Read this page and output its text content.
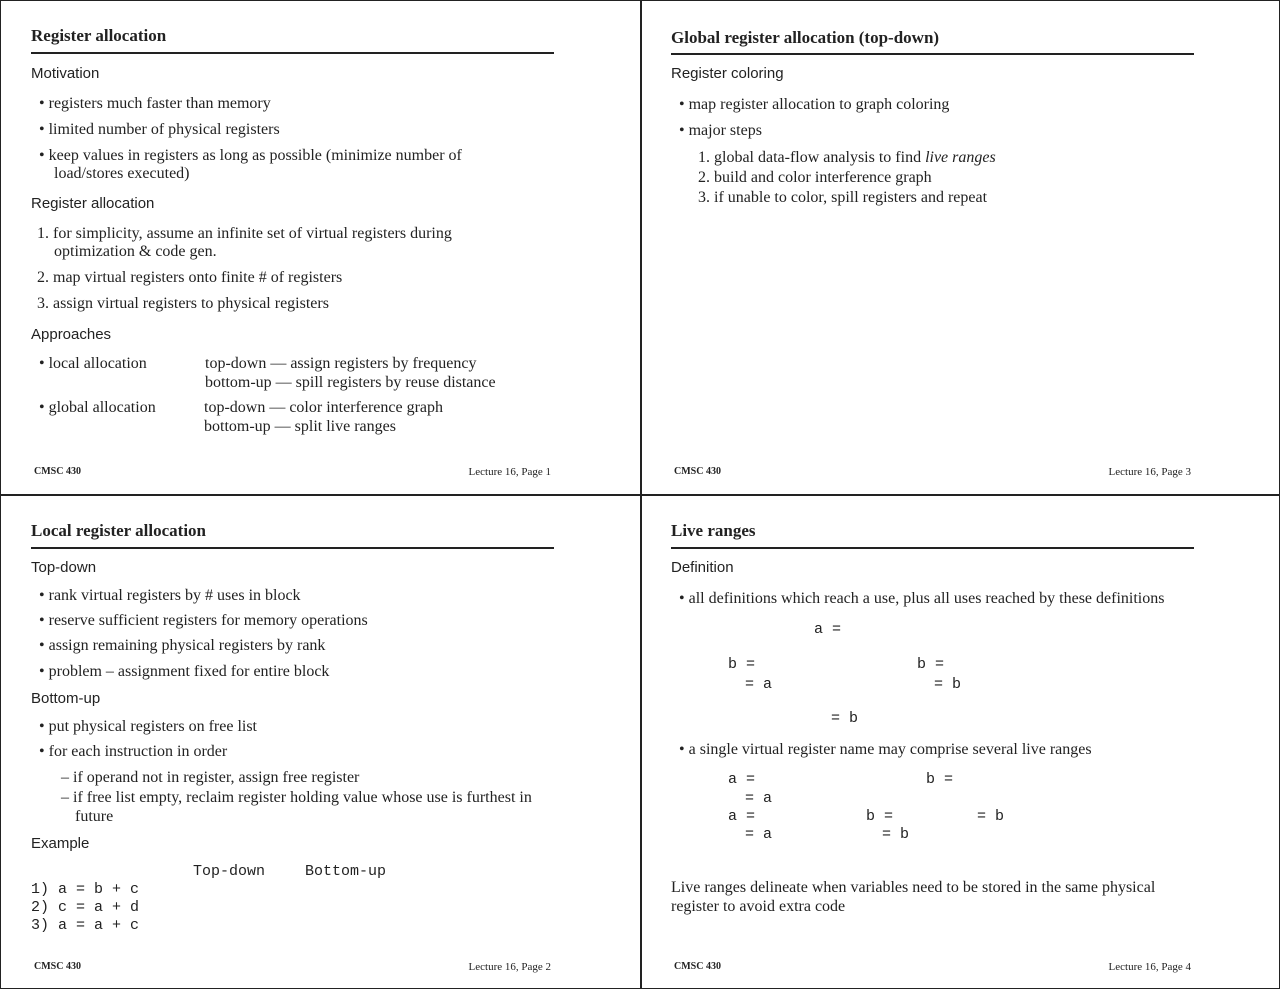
Register allocation
Motivation
• registers much faster than memory
• limited number of physical registers
• keep values in registers as long as possible (minimize number of
load/stores executed)
Register allocation
1. for simplicity, assume an infinite set of virtual registers during
optimization & code gen.
2. map virtual registers onto finite # of registers
3. assign virtual registers to physical registers
Approaches
• local allocation	top-down — assign registers by frequency
bottom-up — spill registers by reuse distance
• global allocation	top-down — color interference graph
bottom-up — split live ranges
CMSC 430	Lecture 16, Page 1
Global register allocation (top-down)
Register coloring
• map register allocation to graph coloring
• major steps
1. global data-flow analysis to find live ranges
2. build and color interference graph
3. if unable to color, spill registers and repeat
CMSC 430	Lecture 16, Page 3
Local register allocation
Top-down
• rank virtual registers by # uses in block
• reserve sufficient registers for memory operations
• assign remaining physical registers by rank
• problem – assignment fixed for entire block
Bottom-up
• put physical registers on free list
• for each instruction in order
– if operand not in register, assign free register
– if free list empty, reclaim register holding value whose use is furthest in
future
Example
Top-down	Bottom-up
1) a = b + c
2) c = a + d
3) a = a + c
CMSC 430	Lecture 16, Page 2
Live ranges
Definition
• all definitions which reach a use, plus all uses reached by these definitions
a =
b =
= a
b =
= b
= b
• a single virtual register name may comprise several live ranges
a =	b =
= a
a =	b =	= b
= a	= b
Live ranges delineate when variables need to be stored in the same physical
register to avoid extra code
CMSC 430	Lecture 16, Page 4
